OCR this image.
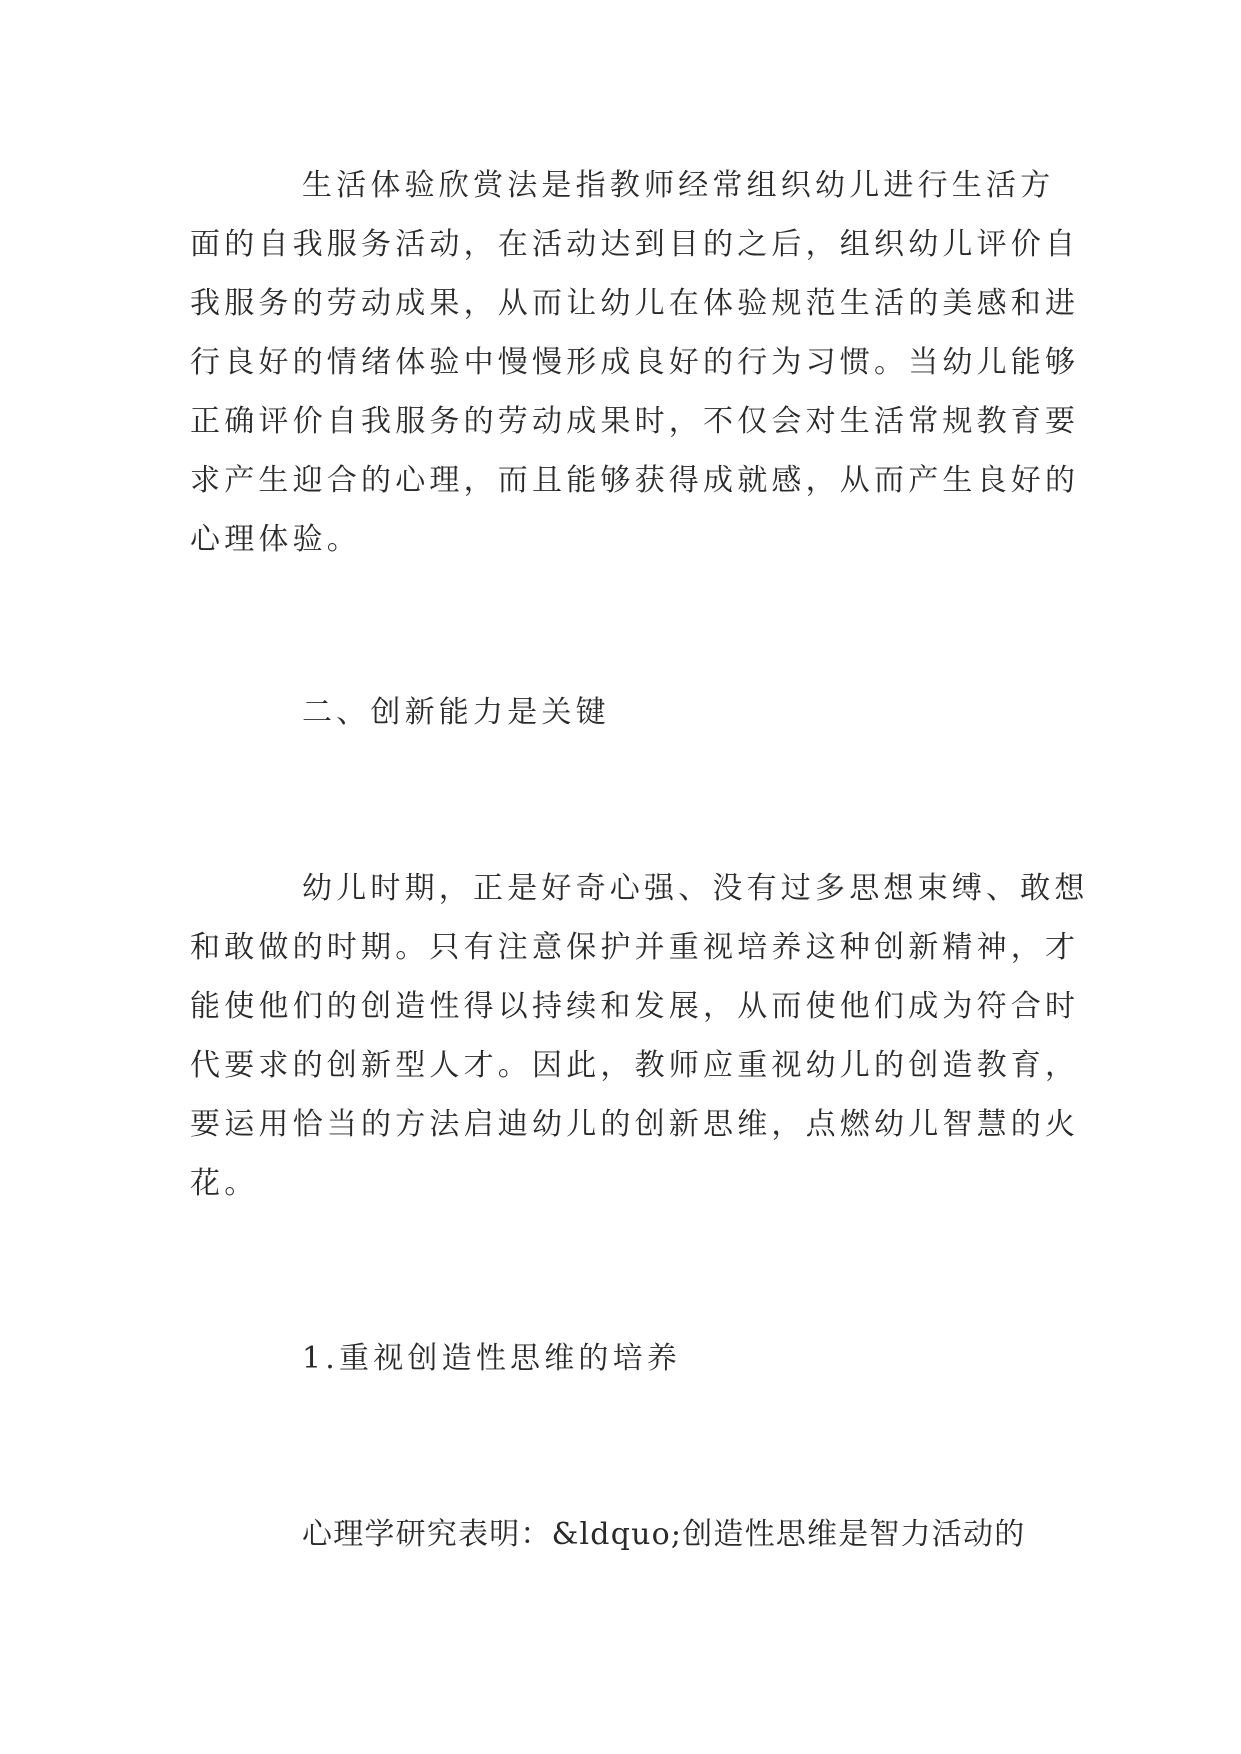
生活体验欣赏法是指教师经常组织幼儿进行生活方
面的自我服务活动，在活动达到目的之后，组织幼儿评价自
我服务的劳动成果，从而让幼儿在体验规范生活的美感和进
行良好的情绪体验中慢慢形成良好的行为习惯。当幼儿能够
正确评价自我服务的劳动成果时，不仅会对生活常规教育要
求产生迎合的心理，而且能够获得成就感，从而产生良好的
心理体验。
二、创新能力是关键
幼儿时期，正是好奇心强、没有过多思想束缚、敢想
和敢做的时期。只有注意保护并重视培养这种创新精神，才
能使他们的创造性得以持续和发展，从而使他们成为符合时
代要求的创新型人才。因此，教师应重视幼儿的创造教育，
要运用恰当的方法启迪幼儿的创新思维，点燃幼儿智慧的火
花。
1.重视创造性思维的培养
心理学研究表明：&ldquo;创造性思维是智力活动的
